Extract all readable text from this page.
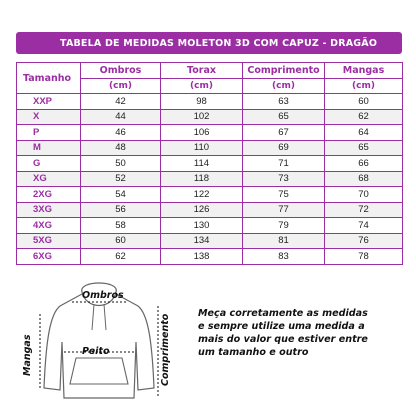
TABELA DE MEDIDAS MOLETON 3D COM CAPUZ - DRAGÃO
Tamanho	Ombros	Torax	Comprimento	Mangas
	(cm)	(cm)	(cm)	(cm)
XXP	42	98	63	60
X	44	102	65	62
P	46	106	67	64
M	48	110	69	65
G	50	114	71	66
XG	52	118	73	68
2XG	54	122	75	70
3XG	56	126	77	72
4XG	58	130	79	74
5XG	60	134	81	76
6XG	62	138	83	78
Ombros
Peito
Mangas	Comprimento
Meça corretamente as medidas
e sempre utilize uma medida a
mais do valor que estiver entre
um tamanho e outro
